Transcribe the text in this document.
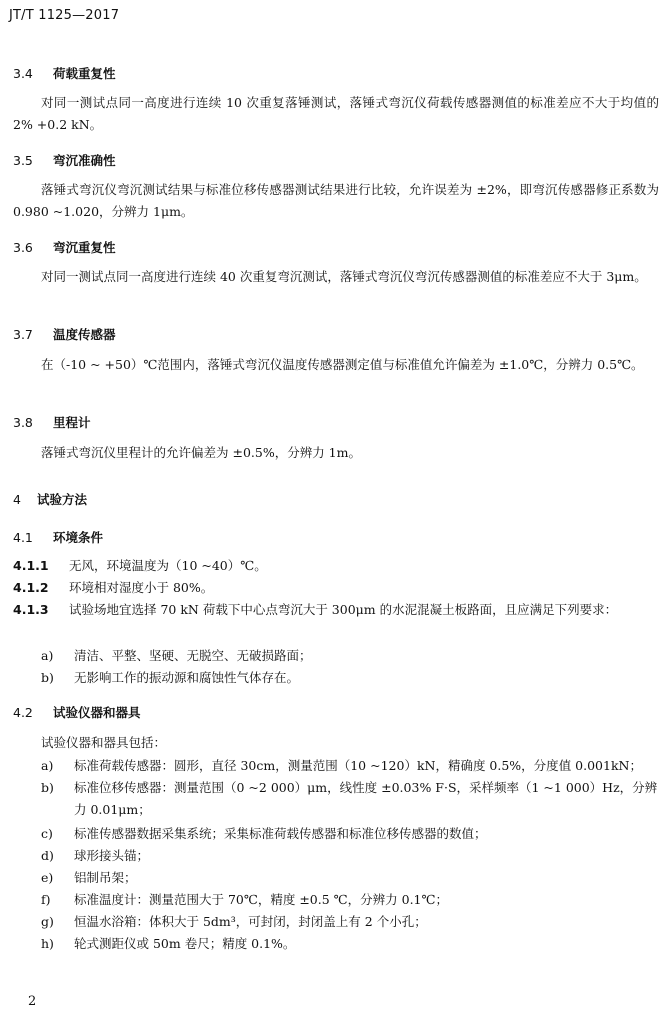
JT/T 1125—2017
3.4 荷载重复性
对同一测试点同一高度进行连续 10 次重复落锤测试，落锤式弯沉仪荷载传感器测值的标准差应不大于均值的 2% +0.2 kN。
3.5 弯沉准确性
落锤式弯沉仪弯沉测试结果与标准位移传感器测试结果进行比较，允许误差为 ±2%，即弯沉传感器修正系数为 0.980 ~1.020，分辨力 1μm。
3.6 弯沉重复性
对同一测试点同一高度进行连续 40 次重复弯沉测试，落锤式弯沉仪弯沉传感器测值的标准差应不大于 3μm。
3.7 温度传感器
在（-10 ~ +50）℃范围内，落锤式弯沉仪温度传感器测定值与标准值允许偏差为 ±1.0℃，分辨力 0.5℃。
3.8 里程计
落锤式弯沉仪里程计的允许偏差为 ±0.5%，分辨力 1m。
4 试验方法
4.1 环境条件
4.1.1 无风，环境温度为（10 ~40）℃。
4.1.2 环境相对湿度小于 80%。
4.1.3 试验场地宜选择 70 kN 荷载下中心点弯沉大于 300μm 的水泥混凝土板路面，且应满足下列要求：
a)	清洁、平整、坚硬、无脱空、无破损路面；
b)	无影响工作的振动源和腐蚀性气体存在。
4.2 试验仪器和器具
试验仪器和器具包括：
a)	标准荷载传感器：圆形，直径 30cm，测量范围（10 ~120）kN，精确度 0.5%，分度值 0.001kN；
b)	标准位移传感器：测量范围（0 ~2 000）μm，线性度 ±0.03% F·S，采样频率（1 ~1 000）Hz，分辨力 0.01μm；
c)	标准传感器数据采集系统；采集标准荷载传感器和标准位移传感器的数值；
d)	球形接头锚；
e)	铝制吊架；
f)	标准温度计：测量范围大于 70℃，精度 ±0.5 ℃，分辨力 0.1℃；
g)	恒温水浴箱：体积大于 5dm³，可封闭，封闭盖上有 2 个小孔；
h)	轮式测距仪或 50m 卷尺；精度 0.1%。
2
